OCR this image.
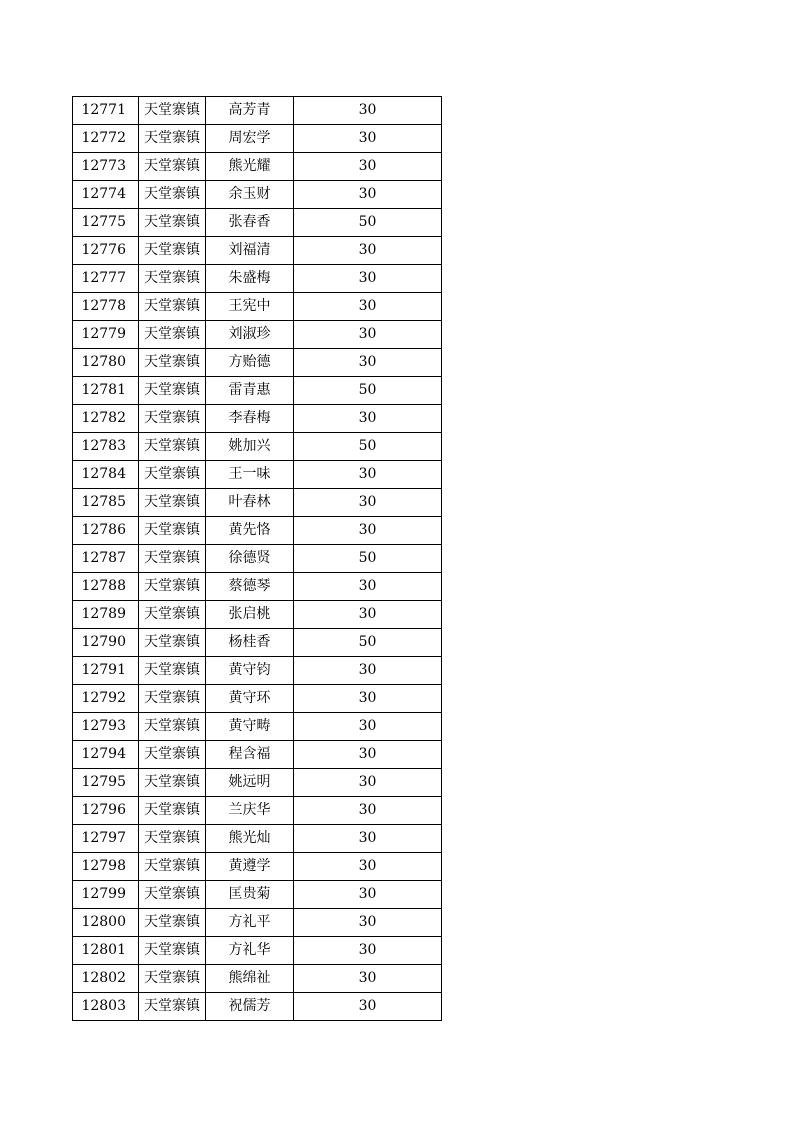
12771	天堂寨镇	高芳青	30

12772	天堂寨镇	周宏学	30

12773	天堂寨镇	熊光耀	30

12774	天堂寨镇	余玉财	30

12775	天堂寨镇	张春香	50

12776	天堂寨镇	刘福清	30

12777	天堂寨镇	朱盛梅	30

12778	天堂寨镇	王宪中	30

12779	天堂寨镇	刘淑珍	30

12780	天堂寨镇	方贻德	30

12781	天堂寨镇	雷青惠	50

12782	天堂寨镇	李春梅	30

12783	天堂寨镇	姚加兴	50

12784	天堂寨镇	王一味	30

12785	天堂寨镇	叶春林	30

12786	天堂寨镇	黄先恪	30

12787	天堂寨镇	徐德贤	50

12788	天堂寨镇	蔡德琴	30

12789	天堂寨镇	张启桃	30

12790	天堂寨镇	杨桂香	50

12791	天堂寨镇	黄守钧	30

12792	天堂寨镇	黄守环	30

12793	天堂寨镇	黄守畴	30

12794	天堂寨镇	程含福	30

12795	天堂寨镇	姚远明	30

12796	天堂寨镇	兰庆华	30

12797	天堂寨镇	熊光灿	30

12798	天堂寨镇	黄遵学	30

12799	天堂寨镇	匡贵菊	30

12800	天堂寨镇	方礼平	30

12801	天堂寨镇	方礼华	30

12802	天堂寨镇	熊绵祉	30

12803	天堂寨镇	祝儒芳	30
